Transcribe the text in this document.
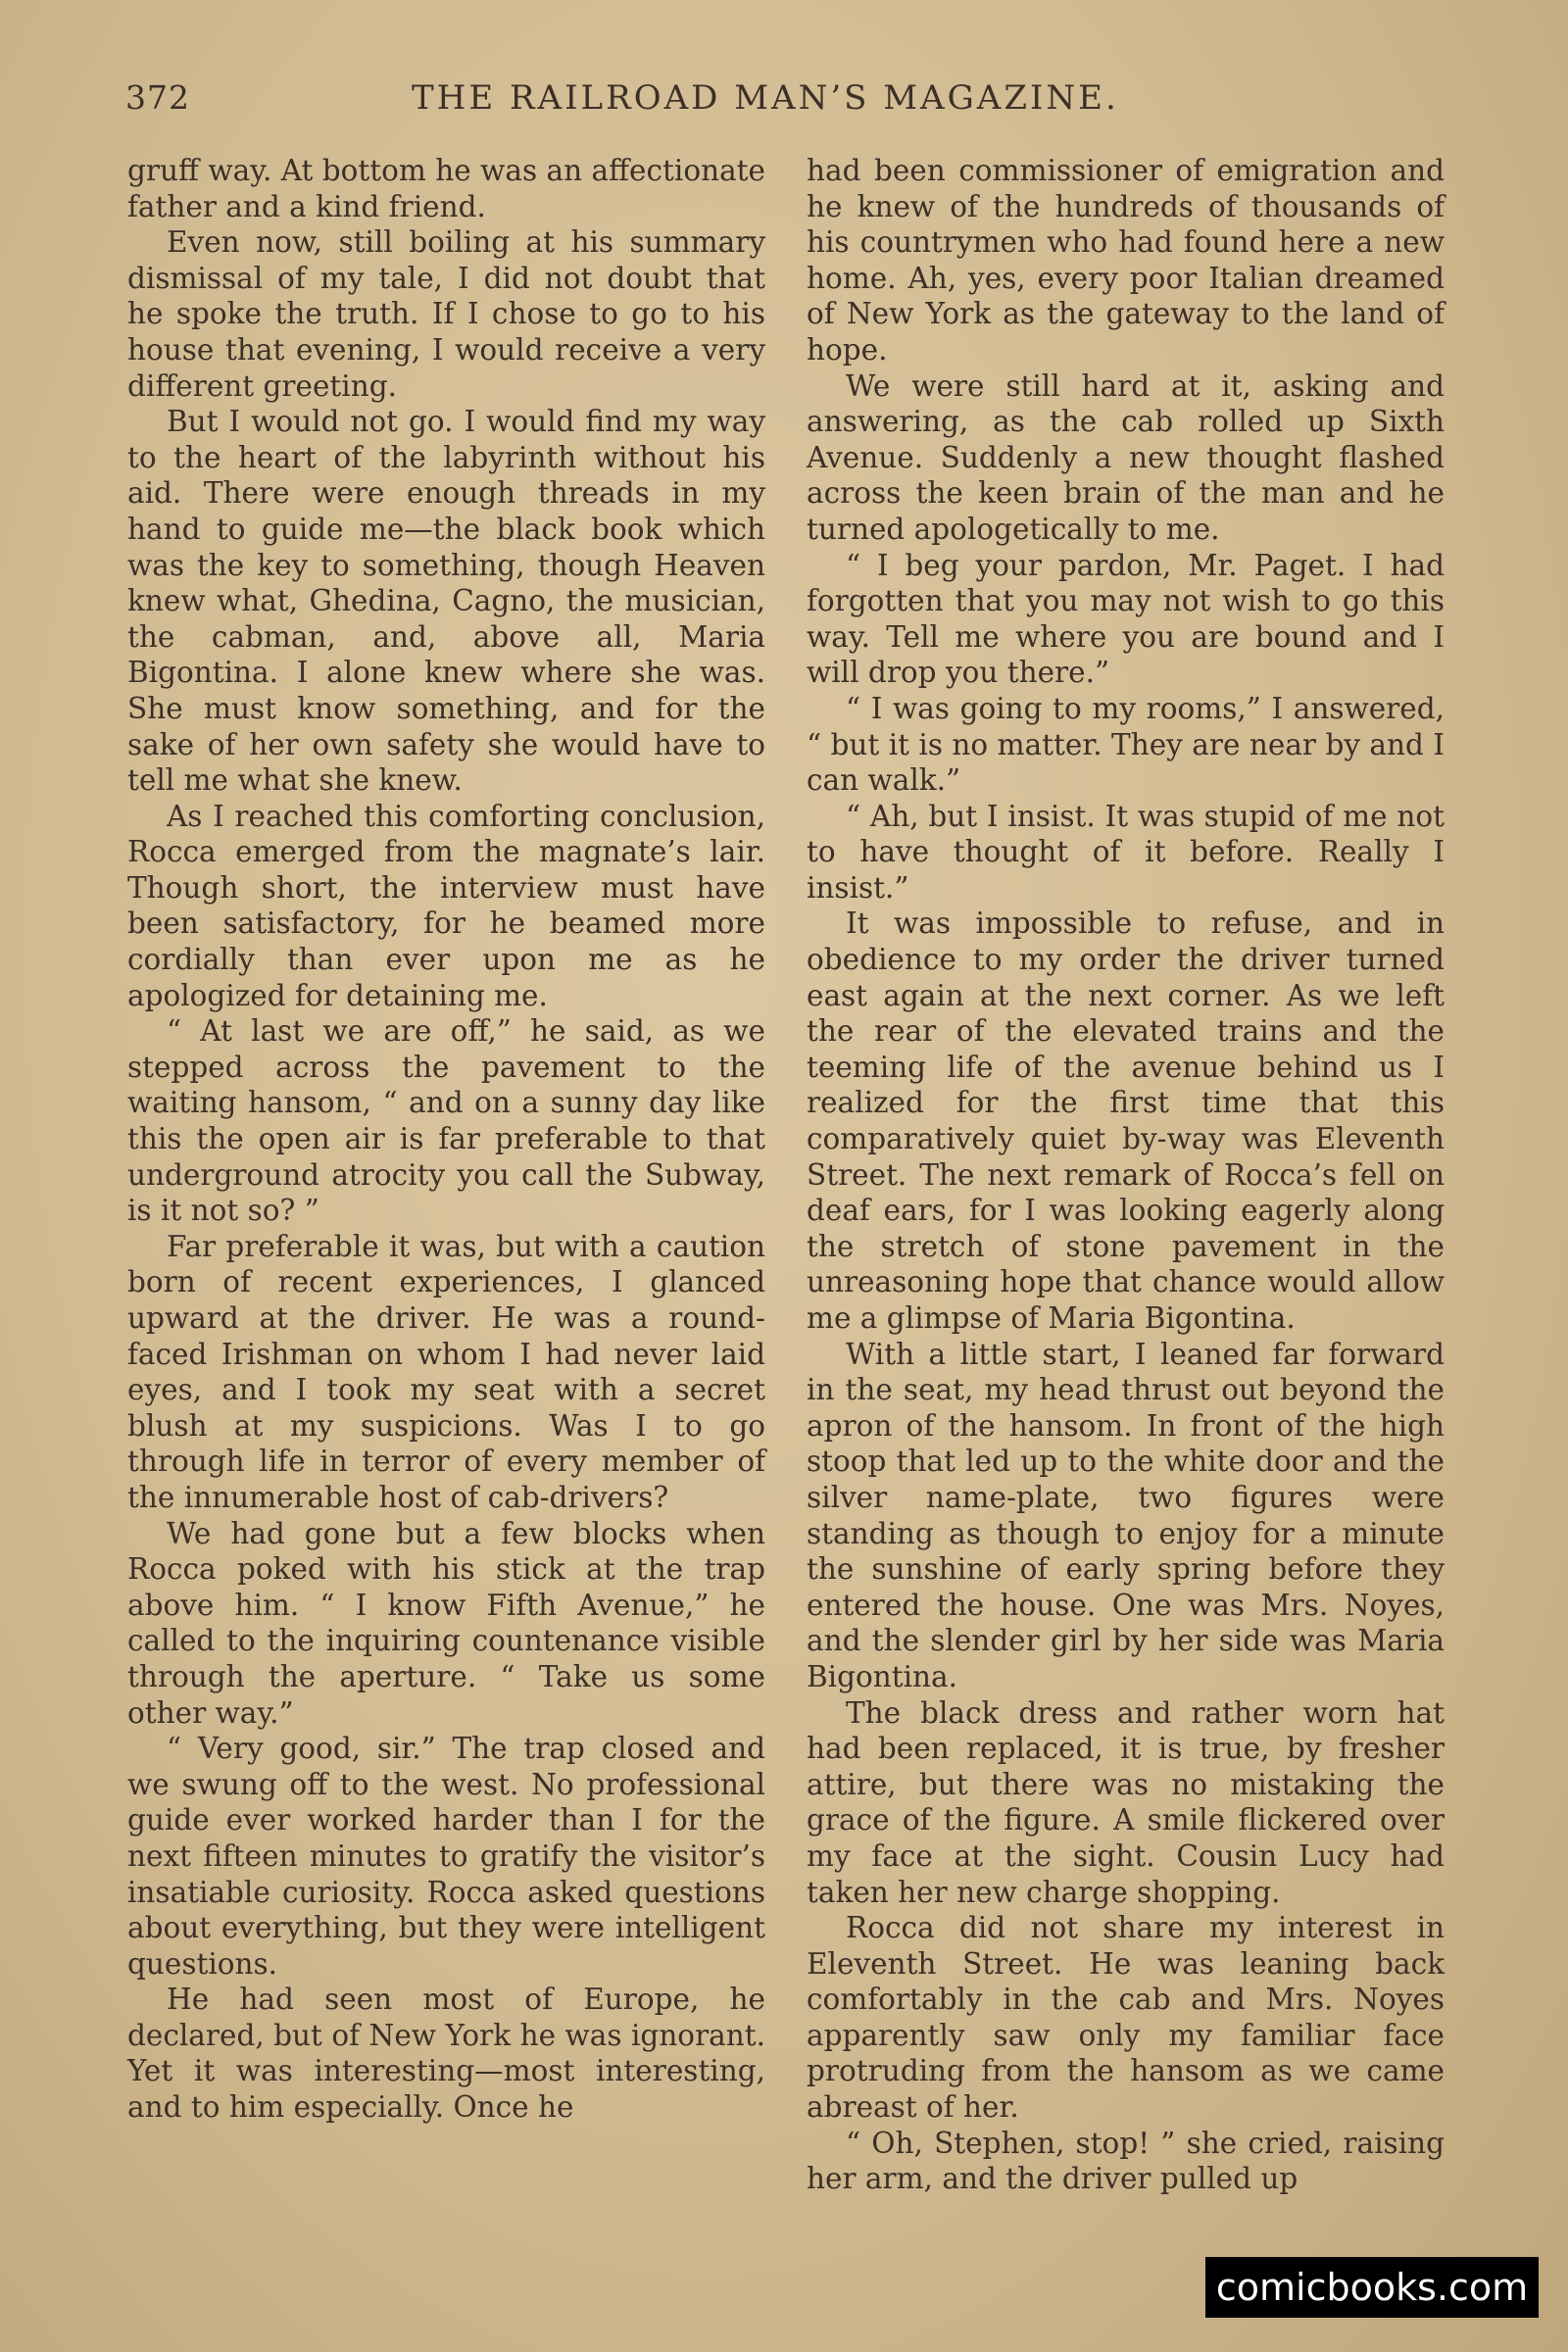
372	THE RAILROAD MAN’S MAGAZINE.

gruff way. At bottom he was an affectionate father and a kind friend.

Even now, still boiling at his summary dismissal of my tale, I did not doubt that he spoke the truth. If I chose to go to his house that evening, I would receive a very different greeting.

But I would not go. I would find my way to the heart of the labyrinth without his aid. There were enough threads in my hand to guide me—the black book which was the key to something, though Heaven knew what, Ghedina, Cagno, the musician, the cabman, and, above all, Maria Bigontina. I alone knew where she was. She must know something, and for the sake of her own safety she would have to tell me what she knew.

As I reached this comforting conclusion, Rocca emerged from the magnate’s lair. Though short, the interview must have been satisfactory, for he beamed more cordially than ever upon me as he apologized for detaining me.

“ At last we are off,” he said, as we stepped across the pavement to the waiting hansom, “ and on a sunny day like this the open air is far preferable to that underground atrocity you call the Subway, is it not so? ”

Far preferable it was, but with a caution born of recent experiences, I glanced upward at the driver. He was a round-faced Irishman on whom I had never laid eyes, and I took my seat with a secret blush at my suspicions. Was I to go through life in terror of every member of the innumerable host of cab-drivers?

We had gone but a few blocks when Rocca poked with his stick at the trap above him. “ I know Fifth Avenue,” he called to the inquiring countenance visible through the aperture. “ Take us some other way.”

“ Very good, sir.” The trap closed and we swung off to the west. No professional guide ever worked harder than I for the next fifteen minutes to gratify the visitor’s insatiable curiosity. Rocca asked questions about everything, but they were intelligent questions.

He had seen most of Europe, he declared, but of New York he was ignorant. Yet it was interesting—most interesting, and to him especially. Once he

had been commissioner of emigration and he knew of the hundreds of thousands of his countrymen who had found here a new home. Ah, yes, every poor Italian dreamed of New York as the gateway to the land of hope.

We were still hard at it, asking and answering, as the cab rolled up Sixth Avenue. Suddenly a new thought flashed across the keen brain of the man and he turned apologetically to me.

“ I beg your pardon, Mr. Paget. I had forgotten that you may not wish to go this way. Tell me where you are bound and I will drop you there.”

“ I was going to my rooms,” I answered, “ but it is no matter. They are near by and I can walk.”

“ Ah, but I insist. It was stupid of me not to have thought of it before. Really I insist.”

It was impossible to refuse, and in obedience to my order the driver turned east again at the next corner. As we left the rear of the elevated trains and the teeming life of the avenue behind us I realized for the first time that this comparatively quiet by-way was Eleventh Street. The next remark of Rocca’s fell on deaf ears, for I was looking eagerly along the stretch of stone pavement in the unreasoning hope that chance would allow me a glimpse of Maria Bigontina.

With a little start, I leaned far forward in the seat, my head thrust out beyond the apron of the hansom. In front of the high stoop that led up to the white door and the silver name-plate, two figures were standing as though to enjoy for a minute the sunshine of early spring before they entered the house. One was Mrs. Noyes, and the slender girl by her side was Maria Bigontina.

The black dress and rather worn hat had been replaced, it is true, by fresher attire, but there was no mistaking the grace of the figure. A smile flickered over my face at the sight. Cousin Lucy had taken her new charge shopping.

Rocca did not share my interest in Eleventh Street. He was leaning back comfortably in the cab and Mrs. Noyes apparently saw only my familiar face protruding from the hansom as we came abreast of her.

“ Oh, Stephen, stop! ” she cried, raising her arm, and the driver pulled up

comicbooks.com
